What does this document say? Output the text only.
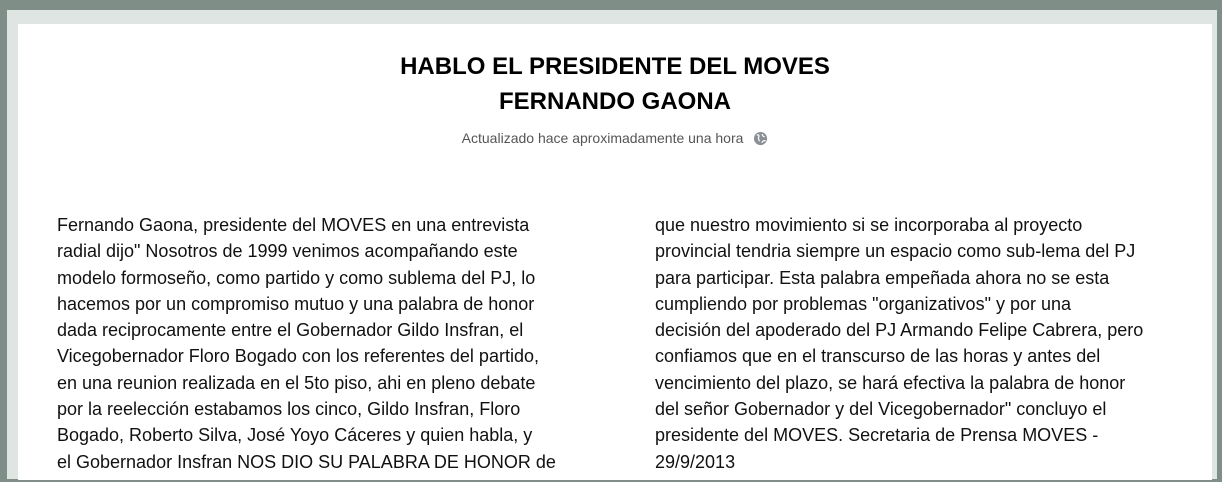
HABLO EL PRESIDENTE DEL MOVES
FERNANDO GAONA
Actualizado hace aproximadamente una hora
Fernando Gaona, presidente del MOVES en una entrevista
radial dijo" Nosotros de 1999 venimos acompañando este
modelo formoseño, como partido y como sublema del PJ, lo
hacemos por un compromiso mutuo y una palabra de honor
dada reciprocamente entre el Gobernador Gildo Insfran, el
Vicegobernador Floro Bogado con los referentes del partido,
en una reunion realizada en el 5to piso, ahi en pleno debate
por la reelección estabamos los cinco, Gildo Insfran, Floro
Bogado, Roberto Silva, José Yoyo Cáceres y quien habla, y
el Gobernador Insfran NOS DIO SU PALABRA DE HONOR de
que nuestro movimiento si se incorporaba al proyecto
provincial tendria siempre un espacio como sub-lema del PJ
para participar. Esta palabra empeñada ahora no se esta
cumpliendo por problemas "organizativos" y por una
decisión del apoderado del PJ Armando Felipe Cabrera, pero
confiamos que en el transcurso de las horas y antes del
vencimiento del plazo, se hará efectiva la palabra de honor
del señor Gobernador y del Vicegobernador" concluyo el
presidente del MOVES. Secretaria de Prensa MOVES -
29/9/2013
